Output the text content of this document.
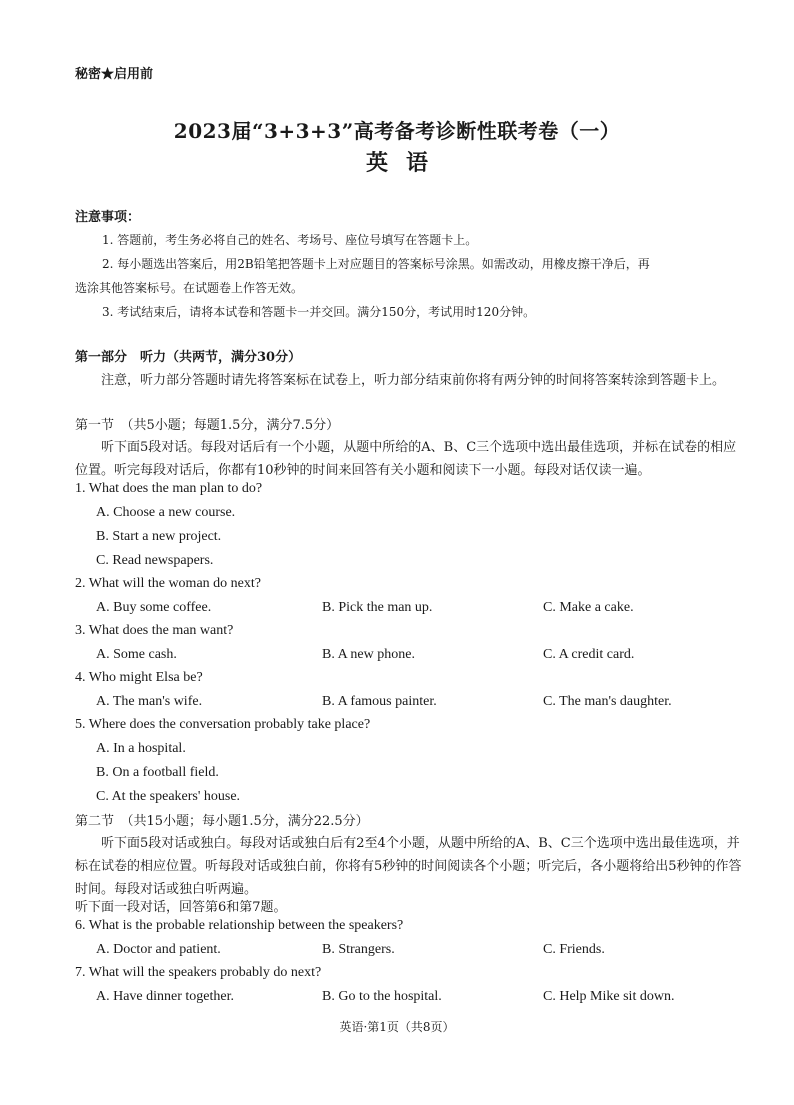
秘密★启用前
2023届“3+3+3”高考备考诊断性联考卷（一）
英语
注意事项：
1. 答题前，考生务必将自己的姓名、考场号、座位号填写在答题卡上。
2. 每小题选出答案后，用2B铅笔把答题卡上对应题目的答案标号涂黑。如需改动，用橡皮擦干净后，再
选涂其他答案标号。在试题卷上作答无效。
3. 考试结束后，请将本试卷和答题卡一并交回。满分150分，考试用时120分钟。
第一部分　听力（共两节，满分30分）
注意，听力部分答题时请先将答案标在试卷上，听力部分结束前你将有两分钟的时间将答案转涂到答题卡上。
第一节　（共5小题；每题1.5分，满分7.5分）
听下面5段对话。每段对话后有一个小题，从题中所给的A、B、C三个选项中选出最佳选项，并标在试卷的相应位置。听完每段对话后，你都有10秒钟的时间来回答有关小题和阅读下一小题。每段对话仅读一遍。
1. What does the man plan to do?
A. Choose a new course.
B. Start a new project.
C. Read newspapers.
2. What will the woman do next?
A. Buy some coffee.	B. Pick the man up.	C. Make a cake.
3. What does the man want?
A. Some cash.	B. A new phone.	C. A credit card.
4. Who might Elsa be?
A. The man's wife.	B. A famous painter.	C. The man's daughter.
5. Where does the conversation probably take place?
A. In a hospital.
B. On a football field.
C. At the speakers' house.
第二节　（共15小题；每小题1.5分，满分22.5分）
听下面5段对话或独白。每段对话或独白后有2至4个小题，从题中所给的A、B、C三个选项中选出最佳选项，并标在试卷的相应位置。听每段对话或独白前，你将有5秒钟的时间阅读各个小题；听完后，各小题将给出5秒钟的作答时间。每段对话或独白听两遍。
听下面一段对话，回答第6和第7题。
6. What is the probable relationship between the speakers?
A. Doctor and patient.	B. Strangers.	C. Friends.
7. What will the speakers probably do next?
A. Have dinner together.	B. Go to the hospital.	C. Help Mike sit down.
英语·第1页（共8页）
